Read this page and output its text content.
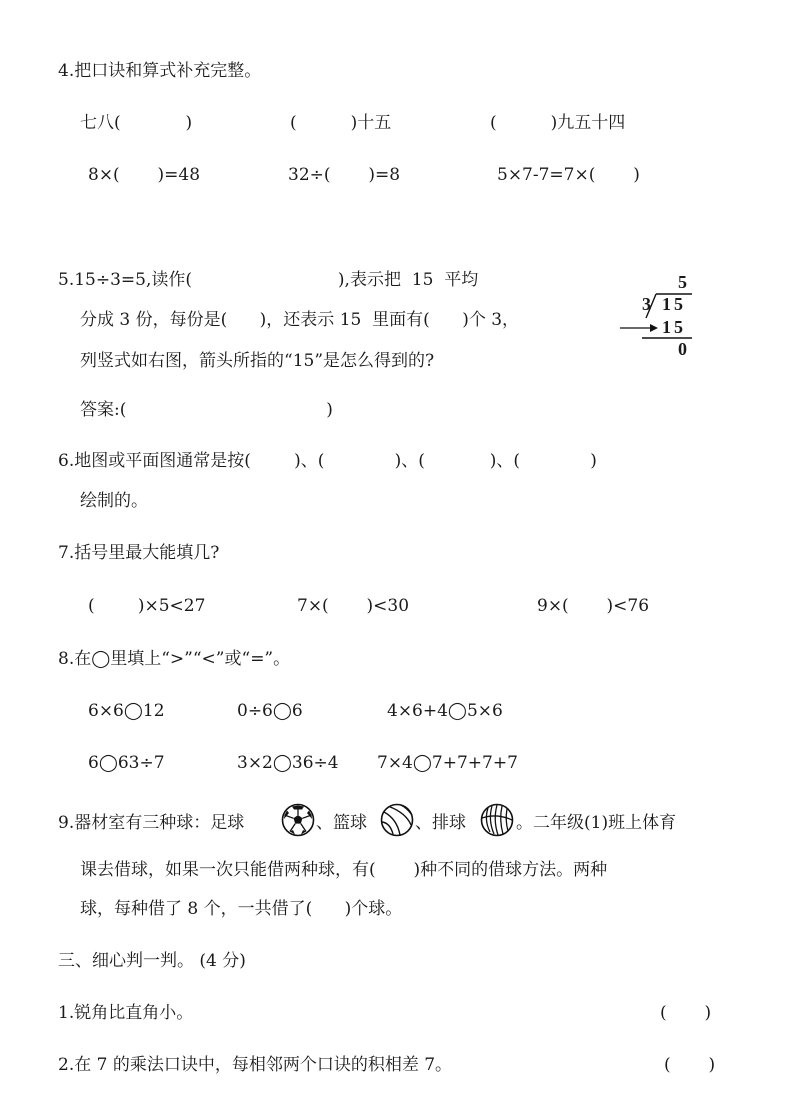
4.把口诀和算式补充完整。
七八(            )	(          )十五	(          )九五十四
8×(       )=48	32÷(       )=8	5×7-7=7×(       )
5.15÷3=5,读作(                           ),表示把  15  平均
分成 3 份，每份是(      )，还表示 15  里面有(      )个 3，
列竖式如右图，箭头所指的“15”是怎么得到的?
答案:(                                     )
5
3 15
15
0
6.地图或平面图通常是按(        )、(             )、(            )、(             )
绘制的。
7.括号里最大能填几?
(        )×5<27	7×(       )<30	9×(       )<76
8.在◯里填上“>”“<”或“=”。
6×6◯12	0÷6◯6	4×6+4◯5×6
6◯63÷7	3×2◯36÷4 7×4◯7+7+7+7
9.器材室有三种球：足球	、篮球	、排球	。二年级(1)班上体育
课去借球，如果一次只能借两种球，有(       )种不同的借球方法。两种
球，每种借了 8 个，一共借了(      )个球。
三、细心判一判。 (4 分)
1.锐角比直角小。	(       )
2.在 7 的乘法口诀中，每相邻两个口诀的积相差 7。	(       )
